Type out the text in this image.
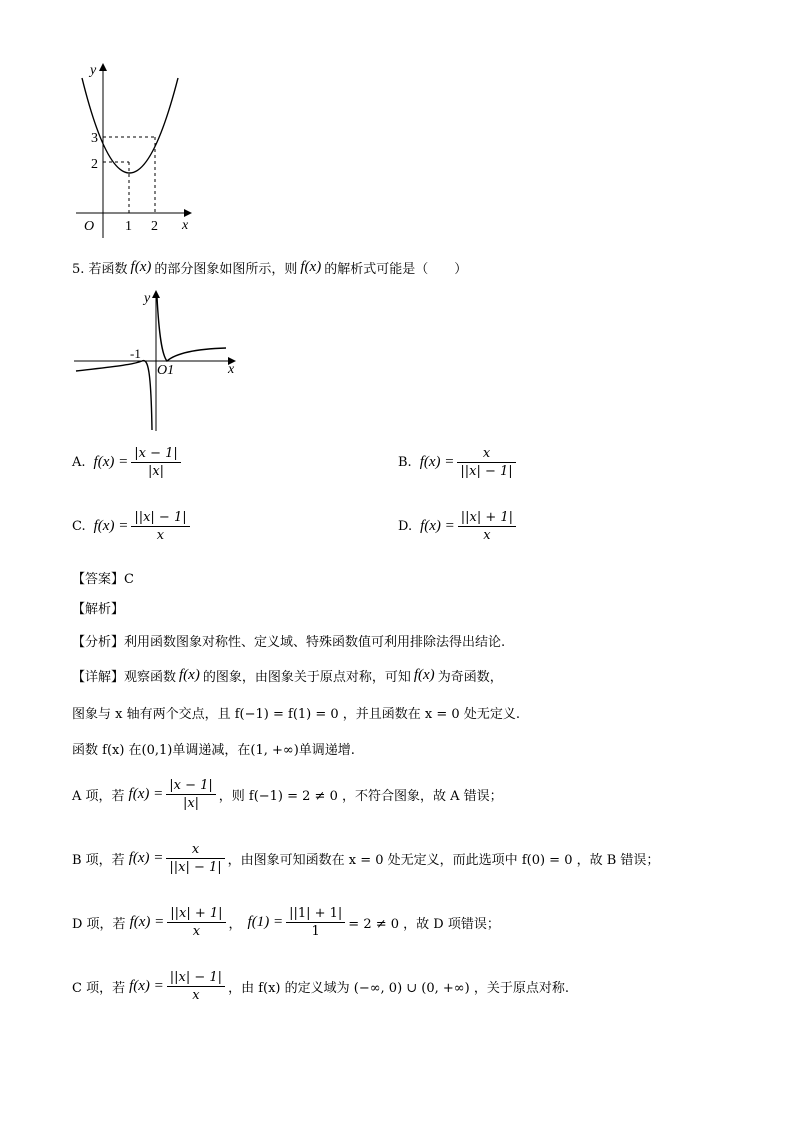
y
x
O
3
2
1 2
5. 若函数 f(x) 的部分图象如图所示，则 f(x) 的解析式可能是（　　）
y
x
O1
-1
A. $f(x) = \frac{|x - 1|}{|x|}$	B. $f(x) = \frac{x}{||x| - 1|}$
C. $f(x) = \frac{||x| - 1|}{x}$	D. $f(x) = \frac{||x| + 1|}{x}$
【答案】C
【解析】
【分析】利用函数图象对称性、定义域、特殊函数值可利用排除法得出结论.
【详解】观察函数 f(x) 的图象，由图象关于原点对称，可知 f(x) 为奇函数，
图象与 x 轴有两个交点，且 f(−1) = f(1) = 0 ，并且函数在 x = 0 处无定义.
函数 f(x) 在(0,1)单调递减，在(1, +∞)单调递增.
A 项，若 $f(x) = \frac{|x - 1|}{|x|}$ ，则 f(−1) = 2 ≠ 0 ，不符合图象，故 A 错误；
B 项，若 $f(x) = \frac{x}{||x| - 1|}$ ，由图象可知函数在 x = 0 处无定义，而此选项中 f(0) = 0 ，故 B 错误；
D 项，若 $f(x) = \frac{||x| + 1|}{x}$ ， $f(1) = \frac{||1| + 1|}{1} = 2 \ne 0$ ，故 D 项错误；
C 项，若 $f(x) = \frac{||x| - 1|}{x}$ ，由 f(x) 的定义域为 (−∞, 0) ∪ (0, +∞) ，关于原点对称.
